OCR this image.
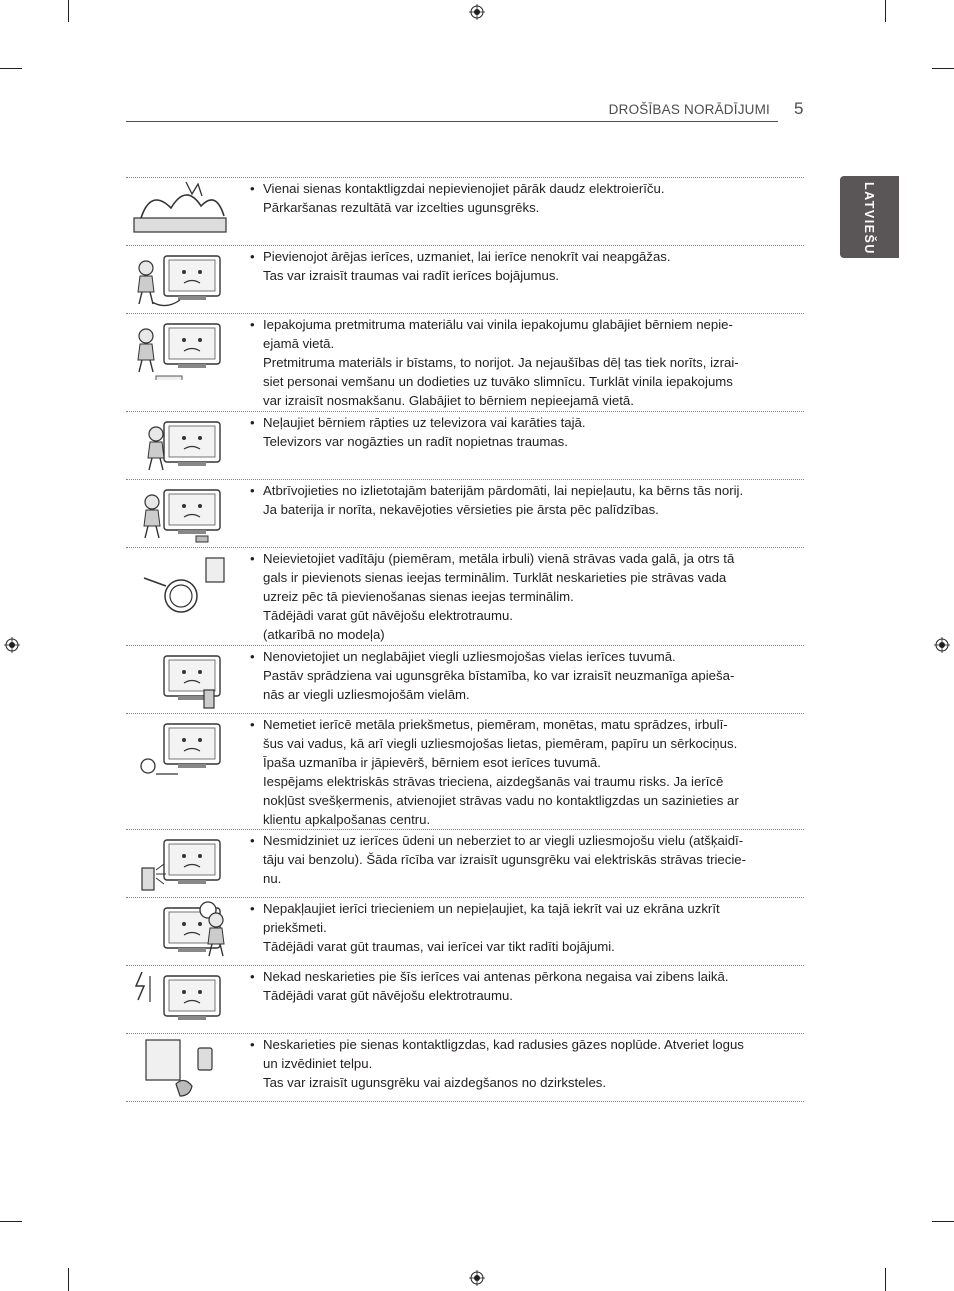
DROŠĪBAS NORĀDĪJUMI 5
LATVIEŠU
• Vienai sienas kontaktligzdai nepievienojiet pārāk daudz elektroierīču.
Pārkaršanas rezultātā var izcelties ugunsgrēks.
• Pievienojot ārējas ierīces, uzmaniet, lai ierīce nenokrīt vai neapgāžas.
Tas var izraisīt traumas vai radīt ierīces bojājumus.
• Iepakojuma pretmitruma materiālu vai vinila iepakojumu glabājiet bērniem nepie-
ejamā vietā.
Pretmitruma materiāls ir bīstams, to norijot. Ja nejaušības dēļ tas tiek norīts, izrai-
siet personai vemšanu un dodieties uz tuvāko slimnīcu. Turklāt vinila iepakojums
var izraisīt nosmakšanu. Glabājiet to bērniem nepieejamā vietā.
• Neļaujiet bērniem rāpties uz televizora vai karāties tajā.
Televizors var nogāzties un radīt nopietnas traumas.
• Atbrīvojieties no izlietotajām baterijām pārdomāti, lai nepieļautu, ka bērns tās norij.
Ja baterija ir norīta, nekavējoties vērsieties pie ārsta pēc palīdzības.
• Neievietojiet vadītāju (piemēram, metāla irbuli) vienā strāvas vada galā, ja otrs tā
gals ir pievienots sienas ieejas terminālim. Turklāt neskarieties pie strāvas vada
uzreiz pēc tā pievienošanas sienas ieejas terminālim.
Tādējādi varat gūt nāvējošu elektrotraumu.
(atkarībā no modeļa)
• Nenovietojiet un neglabājiet viegli uzliesmojošas vielas ierīces tuvumā.
Pastāv sprādziena vai ugunsgrēka bīstamība, ko var izraisīt neuzmanīga apieša-
nās ar viegli uzliesmojošām vielām.
• Nemetiet ierīcē metāla priekšmetus, piemēram, monētas, matu sprādzes, irbulī-
šus vai vadus, kā arī viegli uzliesmojošas lietas, piemēram, papīru un sērkociņus.
Īpaša uzmanība ir jāpievērš, bērniem esot ierīces tuvumā.
Iespējams elektriskās strāvas trieciena, aizdegšanās vai traumu risks. Ja ierīcē
nokļūst svešķermenis, atvienojiet strāvas vadu no kontaktligzdas un sazinieties ar
klientu apkalpošanas centru.
• Nesmidziniet uz ierīces ūdeni un neberziet to ar viegli uzliesmojošu vielu (atšķaidī-
tāju vai benzolu). Šāda rīcība var izraisīt ugunsgrēku vai elektriskās strāvas triecie-
nu.
• Nepakļaujiet ierīci triecieniem un nepieļaujiet, ka tajā iekrīt vai uz ekrāna uzkrīt
priekšmeti.
Tādējādi varat gūt traumas, vai ierīcei var tikt radīti bojājumi.
• Nekad neskarieties pie šīs ierīces vai antenas pērkona negaisa vai zibens laikā.
Tādējādi varat gūt nāvējošu elektrotraumu.
• Neskarieties pie sienas kontaktligzdas, kad radusies gāzes noplūde. Atveriet logus
un izvēdiniet telpu.
Tas var izraisīt ugunsgrēku vai aizdegšanos no dzirksteles.
